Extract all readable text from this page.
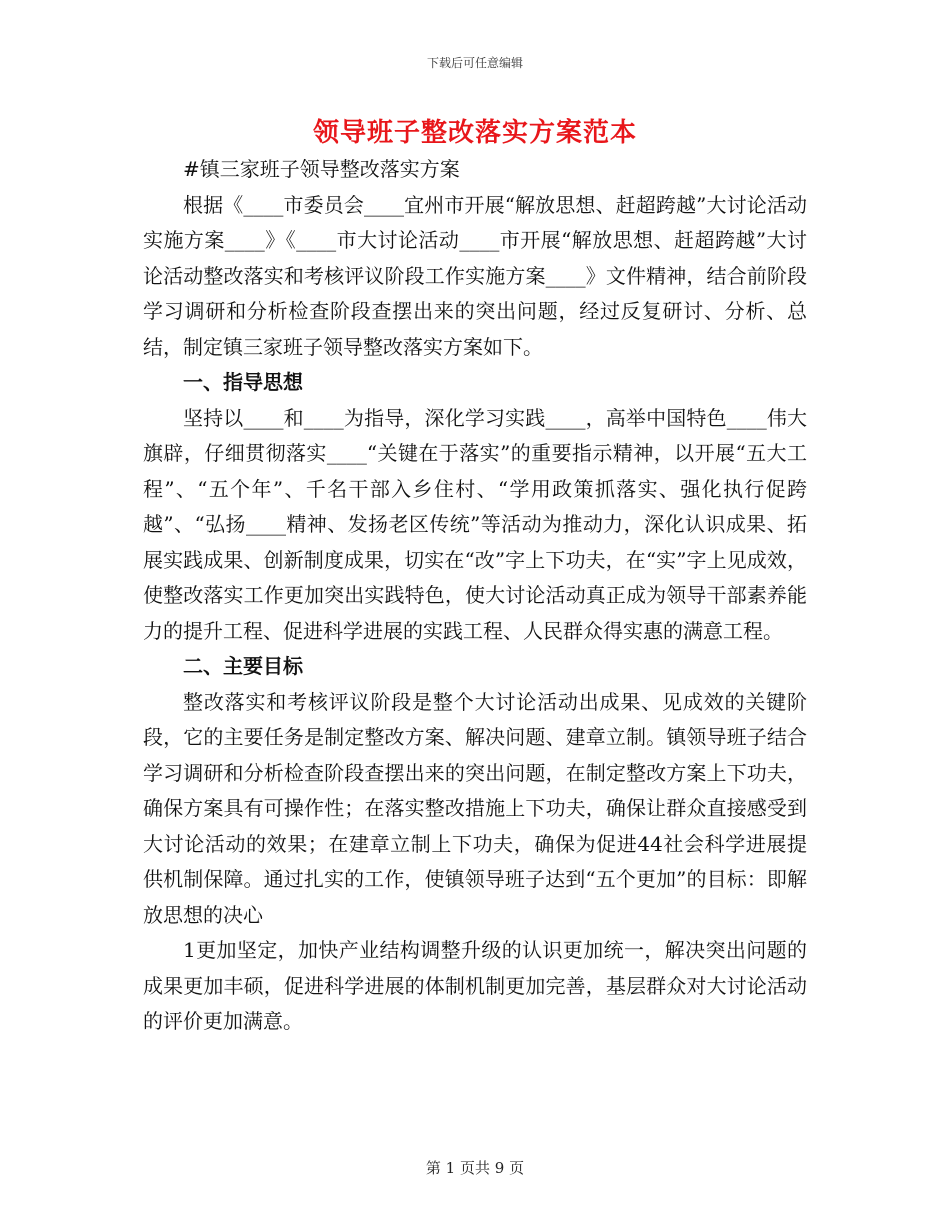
下载后可任意编辑
领导班子整改落实方案范本

#镇三家班子领导整改落实方案

根据《____市委员会____宜州市开展“解放思想、赶超跨越”大讨论活动实施方案____》《____市大讨论活动____市开展“解放思想、赶超跨越”大讨论活动整改落实和考核评议阶段工作实施方案____》文件精神，结合前阶段学习调研和分析检查阶段查摆出来的突出问题，经过反复研讨、分析、总结，制定镇三家班子领导整改落实方案如下。

一、指导思想

坚持以____和____为指导，深化学习实践____，高举中国特色____伟大旗辟，仔细贯彻落实____“关键在于落实”的重要指示精神，以开展“五大工程”、“五个年”、千名干部入乡住村、“学用政策抓落实、强化执行促跨越”、“弘扬____精神、发扬老区传统”等活动为推动力，深化认识成果、拓展实践成果、创新制度成果，切实在“改”字上下功夫，在“实”字上见成效，使整改落实工作更加突出实践特色，使大讨论活动真正成为领导干部素养能力的提升工程、促进科学进展的实践工程、人民群众得实惠的满意工程。

二、主要目标

整改落实和考核评议阶段是整个大讨论活动出成果、见成效的关键阶段，它的主要任务是制定整改方案、解决问题、建章立制。镇领导班子结合学习调研和分析检查阶段查摆出来的突出问题，在制定整改方案上下功夫，确保方案具有可操作性；在落实整改措施上下功夫，确保让群众直接感受到大讨论活动的效果；在建章立制上下功夫，确保为促进44社会科学进展提供机制保障。通过扎实的工作，使镇领导班子达到“五个更加”的目标：即解放思想的决心

1更加坚定，加快产业结构调整升级的认识更加统一，解决突出问题的成果更加丰硕，促进科学进展的体制机制更加完善，基层群众对大讨论活动的评价更加满意。

第 1 页共 9 页
